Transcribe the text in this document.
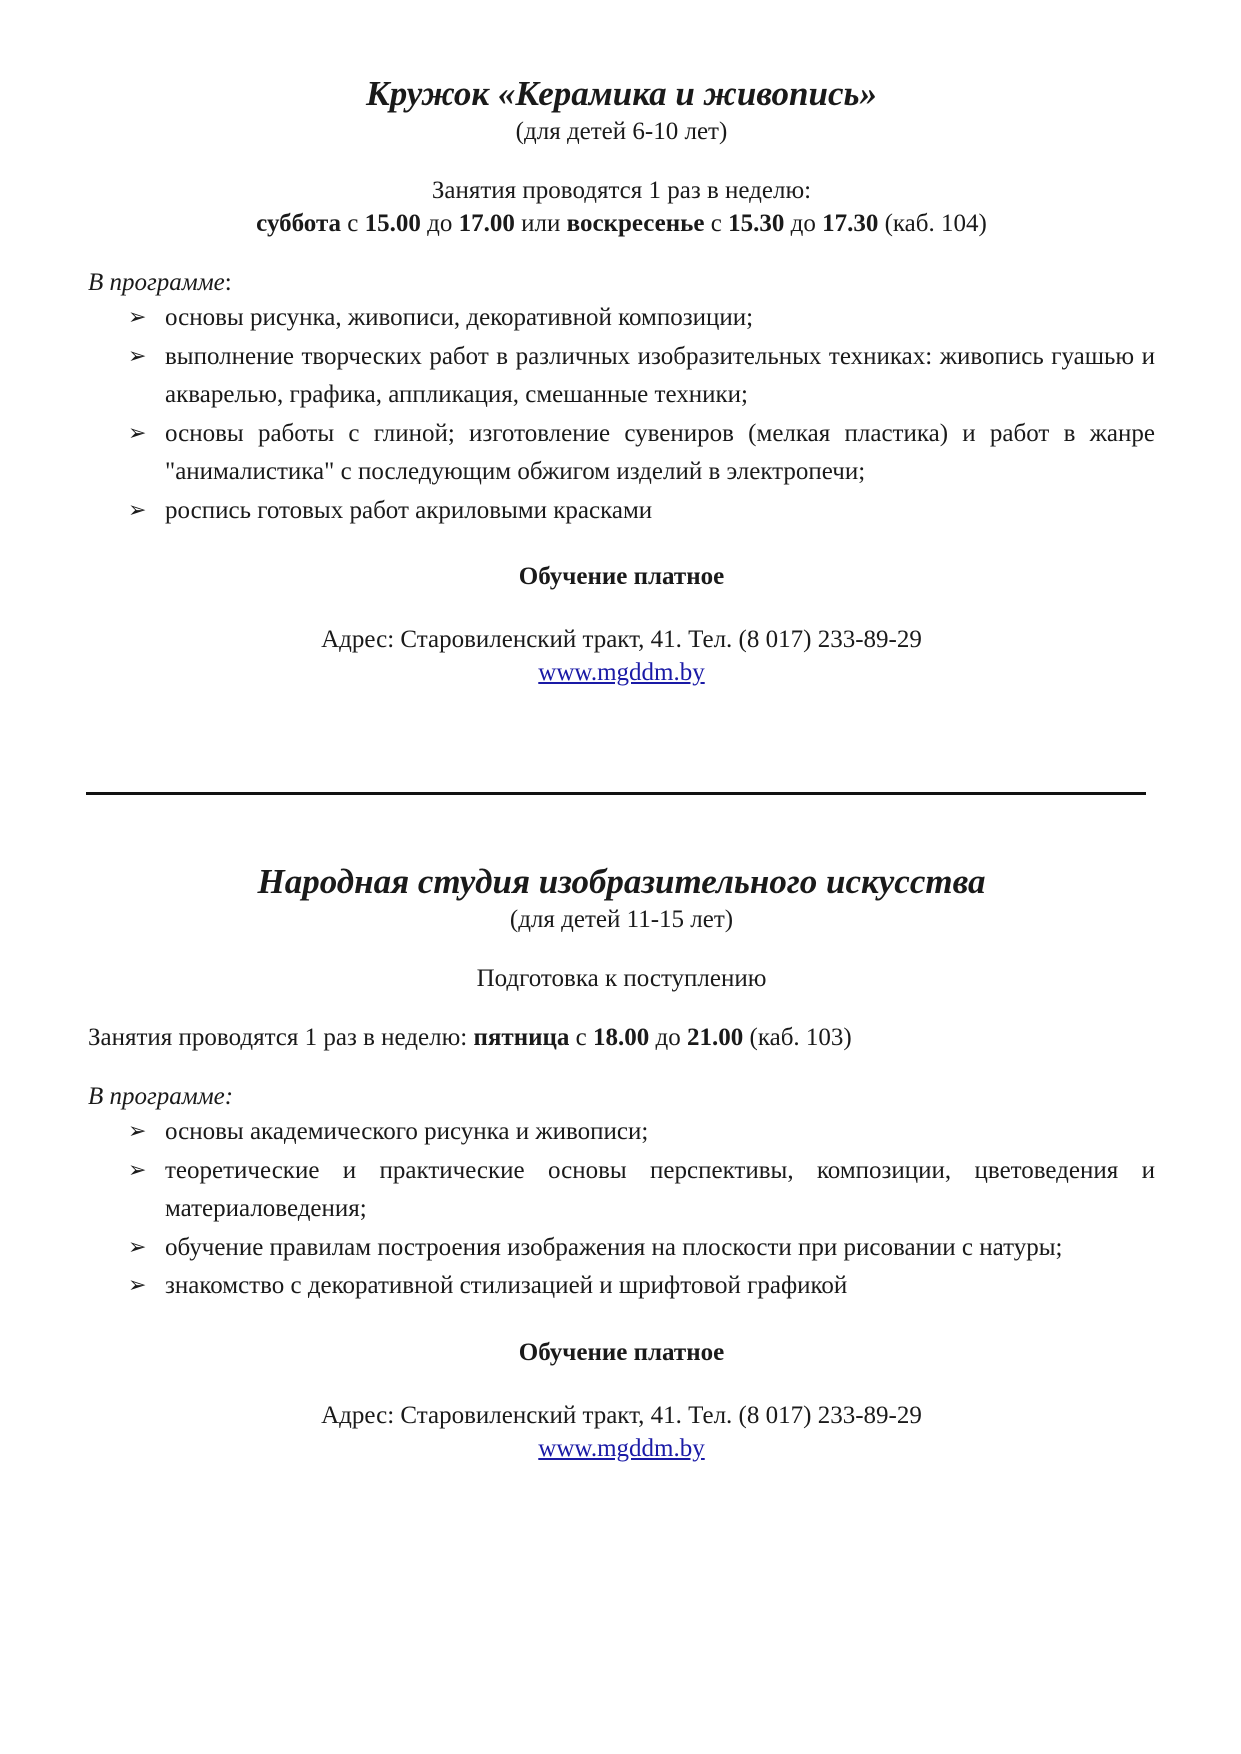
Кружок «Керамика и живопись»

(для детей 6-10 лет)

Занятия проводятся 1 раз в неделю:

суббота с 15.00 до 17.00 или воскресенье с 15.30 до 17.30 (каб. 104)

В программе:

➢ основы рисунка, живописи, декоративной композиции;
➢ выполнение творческих работ в различных изобразительных техниках: живопись гуашью и акварелью, графика, аппликация, смешанные техники;
➢ основы работы с глиной; изготовление сувениров (мелкая пластика) и работ в жанре "анималистика" с последующим обжигом изделий в электропечи;
➢ роспись готовых работ акриловыми красками

Обучение платное

Адрес: Старовиленский тракт, 41. Тел. (8 017) 233-89-29

www.mgddm.by

Народная студия изобразительного искусства

(для детей 11-15 лет)

Подготовка к поступлению

Занятия проводятся 1 раз в неделю: пятница с 18.00 до 21.00 (каб. 103)

В программе:

➢ основы академического рисунка и живописи;
➢ теоретические и практические основы перспективы, композиции, цветоведения и материаловедения;
➢ обучение правилам построения изображения на плоскости при рисовании с натуры;
➢ знакомство с декоративной стилизацией и шрифтовой графикой

Обучение платное

Адрес: Старовиленский тракт, 41. Тел. (8 017) 233-89-29

www.mgddm.by
